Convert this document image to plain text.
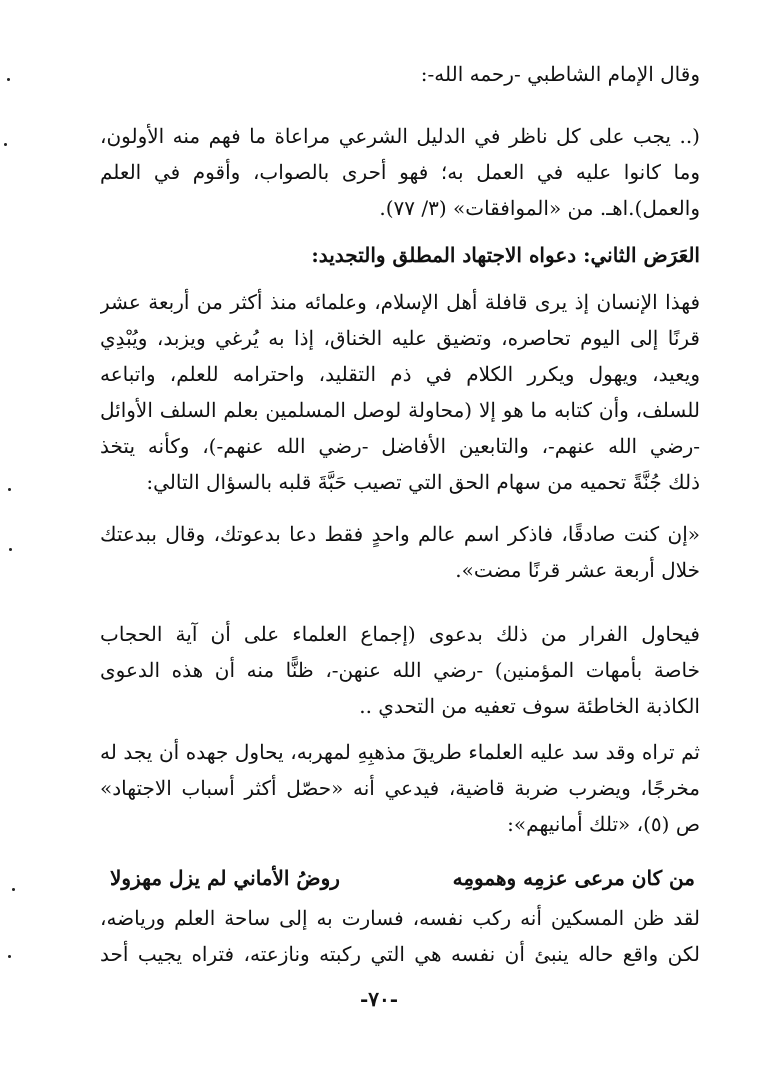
وقال الإمام الشاطبي -رحمه الله-:
(.. يجب على كل ناظر في الدليل الشرعي مراعاة ما فهم منه الأولون،
وما كانوا عليه في العمل به؛ فهو أحرى بالصواب، وأقوم في العلم
والعمل).اهـ. من «الموافقات» (٣/ ٧٧).
العَرَض الثاني: دعواه الاجتهاد المطلق والتجديد:
فهذا الإنسان إذ يرى قافلة أهل الإسلام، وعلمائه منذ أكثر من أربعة عشر
قرنًا إلى اليوم تحاصره، وتضيق عليه الخناق، إذا به يُرغي ويزبد، ويُبْدِي
ويعيد، ويهول ويكرر الكلام في ذم التقليد، واحترامه للعلم، واتباعه
للسلف، وأن كتابه ما هو إلا (محاولة لوصل المسلمين بعلم السلف الأوائل
-رضي الله عنهم-، والتابعين الأفاضل -رضي الله عنهم-)، وكأنه يتخذ
ذلك جُنَّةً تحميه من سهام الحق التي تصيب حَبَّةَ قلبه بالسؤال التالي:
«إن كنت صادقًا، فاذكر اسم عالم واحدٍ فقط دعا بدعوتك، وقال ببدعتك
خلال أربعة عشر قرنًا مضت».
فيحاول الفرار من ذلك بدعوى (إجماع العلماء على أن آية الحجاب
خاصة بأمهات المؤمنين) -رضي الله عنهن-، ظنًّا منه أن هذه الدعوى
الكاذبة الخاطئة سوف تعفيه من التحدي ..
ثم تراه وقد سد عليه العلماء طريقَ مذهبِهِ لمهربه، يحاول جهده أن يجد له
مخرجًا، ويضرب ضربة قاضية، فيدعي أنه «حصّل أكثر أسباب الاجتهاد»
ص (٥)، «تلك أمانيهم»:
من كان مرعى عزمِه وهمومِه
روضُ الأماني لم يزل مهزولا
لقد ظن المسكين أنه ركب نفسه، فسارت به إلى ساحة العلم ورياضه،
لكن واقع حاله ينبئ أن نفسه هي التي ركبته ونازعته، فتراه يجيب أحد
-٧٠-
